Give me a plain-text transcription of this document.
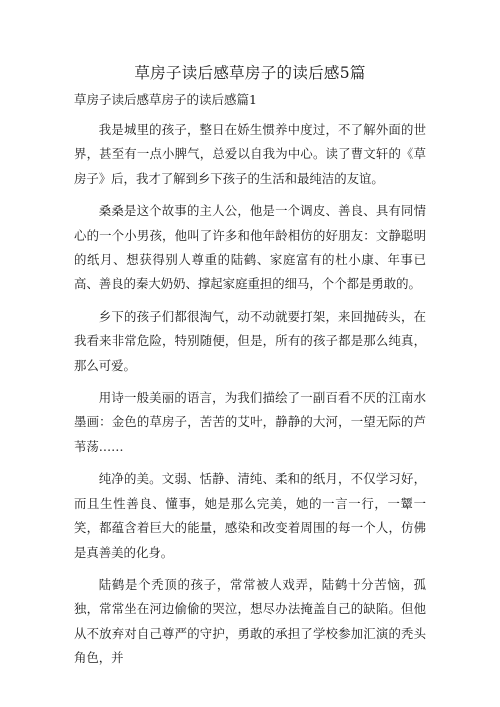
草房子读后感草房子的读后感5篇
草房子读后感草房子的读后感篇1

我是城里的孩子，整日在娇生惯养中度过，不了解外面的世界，甚至有一点小脾气，总爱以自我为中心。读了曹文轩的《草房子》后，我才了解到乡下孩子的生活和最纯洁的友谊。

桑桑是这个故事的主人公，他是一个调皮、善良、具有同情心的一个小男孩，他叫了许多和他年龄相仿的好朋友：文静聪明的纸月、想获得别人尊重的陆鹤、家庭富有的杜小康、年事已高、善良的秦大奶奶、撑起家庭重担的细马，个个都是勇敢的。

乡下的孩子们都很淘气，动不动就要打架，来回抛砖头，在我看来非常危险，特别随便，但是，所有的孩子都是那么纯真，那么可爱。

用诗一般美丽的语言，为我们描绘了一副百看不厌的江南水墨画：金色的草房子，苦苦的艾叶，静静的大河，一望无际的芦苇荡……

纯净的美。文弱、恬静、清纯、柔和的纸月，不仅学习好，而且生性善良、懂事，她是那么完美，她的一言一行，一颦一笑，都蕴含着巨大的能量，感染和改变着周围的每一个人，仿佛是真善美的化身。

陆鹤是个秃顶的孩子，常常被人戏弄，陆鹤十分苦恼，孤独，常常坐在河边偷偷的哭泣，想尽办法掩盖自己的缺陷。但他从不放弃对自己尊严的守护，勇敢的承担了学校参加汇演的秃头角色，并
